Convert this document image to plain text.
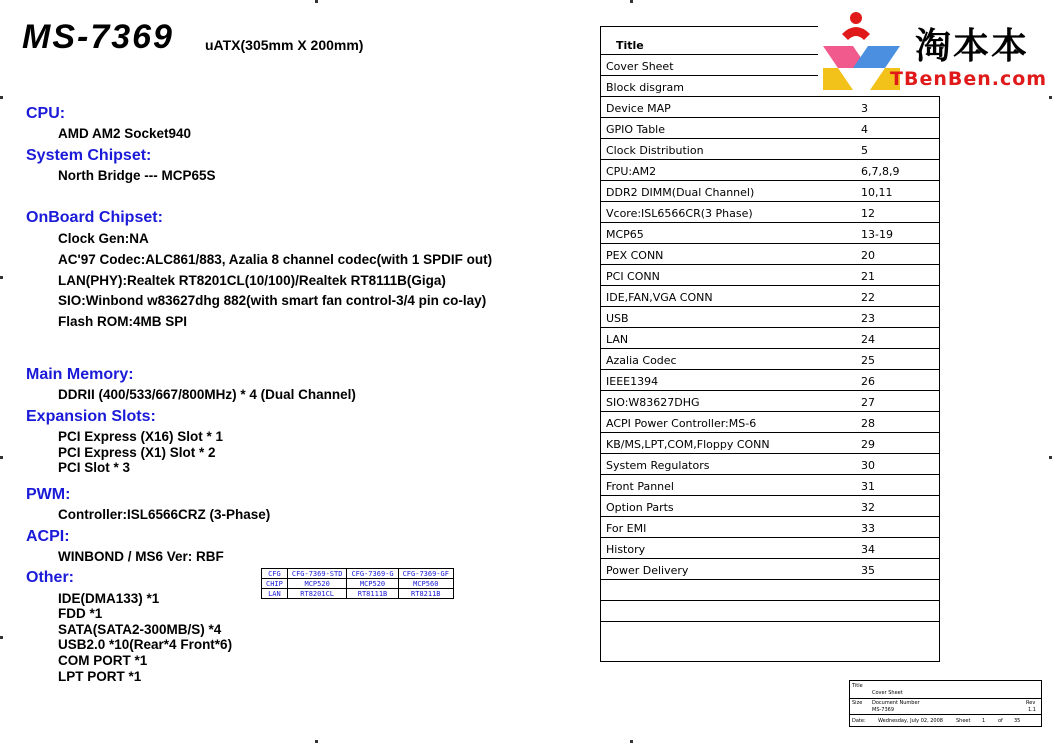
MS-7369 uATX(305mm X 200mm)
CPU:
AMD AM2 Socket940
System Chipset:
North Bridge --- MCP65S
OnBoard Chipset:
Clock Gen:NA
AC'97 Codec:ALC861/883, Azalia 8 channel codec(with 1 SPDIF out)
LAN(PHY):Realtek RT8201CL(10/100)/Realtek RT8111B(Giga)
SIO:Winbond w83627dhg 882(with smart fan control-3/4 pin co-lay)
Flash ROM:4MB SPI
Main Memory:
DDRII (400/533/667/800MHz) * 4 (Dual Channel)
Expansion Slots:
PCI Express (X16) Slot * 1
PCI Express (X1) Slot * 2
PCI Slot * 3
PWM:
Controller:ISL6566CRZ (3-Phase)
ACPI:
WINBOND / MS6 Ver: RBF
Other:
IDE(DMA133) *1
FDD *1
SATA(SATA2-300MB/S) *4
USB2.0 *10(Rear*4 Front*6)
COM PORT *1
LPT PORT *1
CFG	CFG-7369-STD	CFG-7369-G	CFG-7369-GF
CHIP	MCP520	MCP520	MCP560
LAN	RT8201CL	RT8111B	RT8211B
Title
Cover Sheet
Block disgram
Device MAP	3
GPIO Table	4
Clock Distribution	5
CPU:AM2	6,7,8,9
DDR2 DIMM(Dual Channel)	10,11
Vcore:ISL6566CR(3 Phase)	12
MCP65	13-19
PEX CONN	20
PCI CONN	21
IDE,FAN,VGA CONN	22
USB	23
LAN	24
Azalia Codec	25
IEEE1394	26
SIO:W83627DHG	27
ACPI Power Controller:MS-6	28
KB/MS,LPT,COM,Floppy CONN	29
System Regulators	30
Front Pannel	31
Option Parts	32
For EMI	33
History	34
Power Delivery	35
淘本本
TBenBen.com
Title
Cover Sheet
Size Document Number
MS-7369
Rev
1.1
Date: Wednesday, July 02, 2008	Sheet 1	of 35
